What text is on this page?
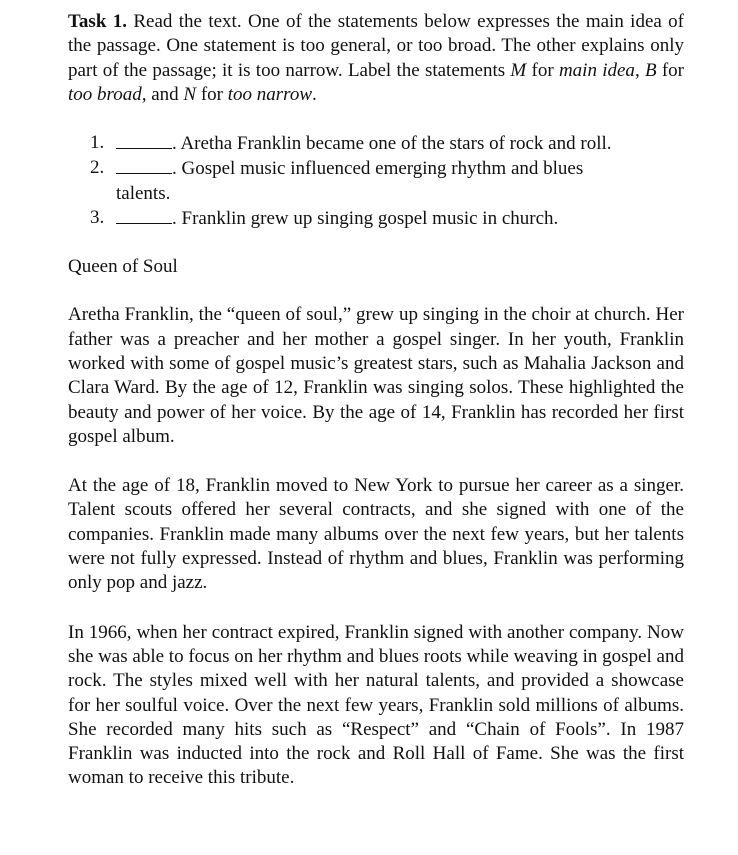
Task 1. Read the text. One of the statements below expresses the main idea of the passage. One statement is too general, or too broad. The other explains only part of the passage; it is too narrow. Label the statements M for main idea, B for too broad, and N for too narrow.

1.	. Aretha Franklin became one of the stars of rock and roll.
2.	. Gospel music influenced emerging rhythm and blues
talents.
3.	. Franklin grew up singing gospel music in church.
Queen of Soul

Aretha Franklin, the “queen of soul,” grew up singing in the choir at church. Her father was a preacher and her mother a gospel singer. In her youth, Franklin worked with some of gospel music’s greatest stars, such as Mahalia Jackson and Clara Ward. By the age of 12, Franklin was singing solos. These highlighted the beauty and power of her voice. By the age of 14, Franklin has recorded her first gospel album.

At the age of 18, Franklin moved to New York to pursue her career as a singer. Talent scouts offered her several contracts, and she signed with one of the companies. Franklin made many albums over the next few years, but her talents were not fully expressed. Instead of rhythm and blues, Franklin was performing only pop and jazz.

In 1966, when her contract expired, Franklin signed with another company. Now she was able to focus on her rhythm and blues roots while weaving in gospel and rock. The styles mixed well with her natural talents, and provided a showcase for her soulful voice. Over the next few years, Franklin sold millions of albums. She recorded many hits such as “Respect” and “Chain of Fools”. In 1987 Franklin was inducted into the rock and Roll Hall of Fame. She was the first woman to receive this tribute.
